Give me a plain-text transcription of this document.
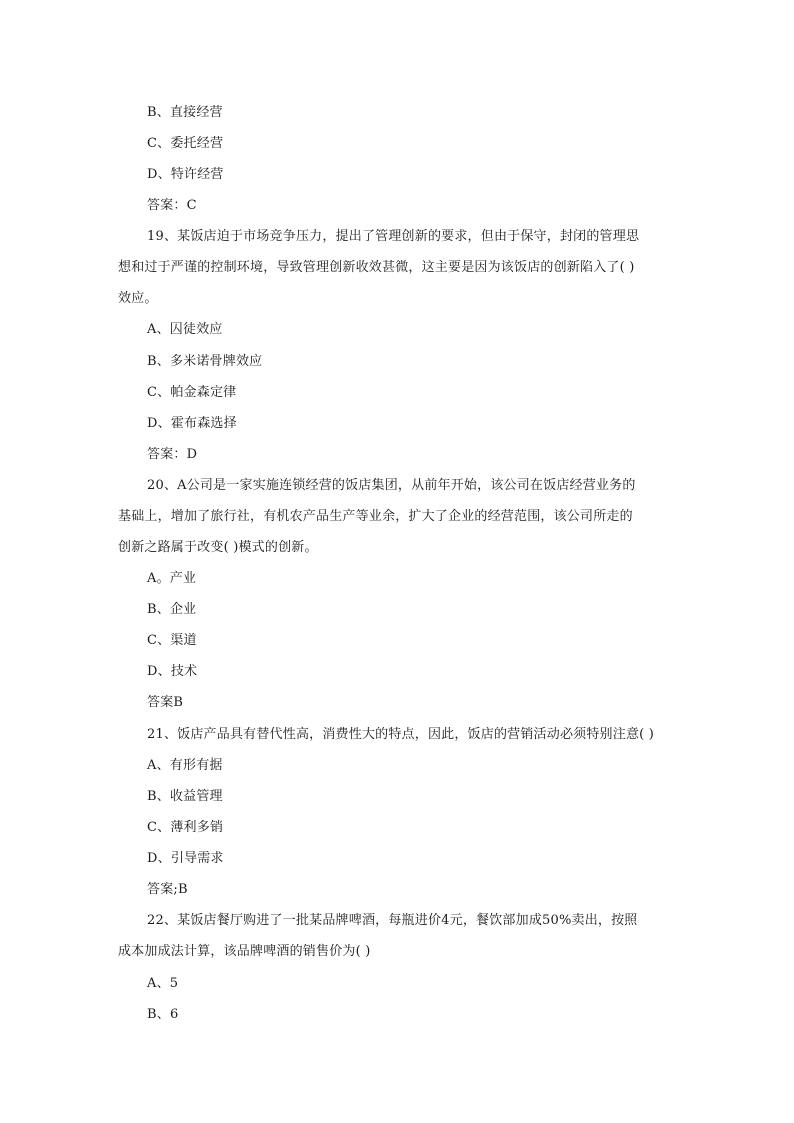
B、直接经营
C、委托经营
D、特许经营
答案：C
19、某饭店迫于市场竞争压力，提出了管理创新的要求，但由于保守，封闭的管理思
想和过于严谨的控制环境，导致管理创新收效甚微，这主要是因为该饭店的创新陷入了( )
效应。
A、囚徒效应
B、多米诺骨牌效应
C、帕金森定律
D、霍布森选择
答案：D
20、A公司是一家实施连锁经营的饭店集团，从前年开始，该公司在饭店经营业务的
基础上，增加了旅行社，有机农产品生产等业余，扩大了企业的经营范围，该公司所走的
创新之路属于改变( )模式的创新。
A。产业
B、企业
C、渠道
D、技术
答案B
21、饭店产品具有替代性高，消费性大的特点，因此，饭店的营销活动必须特别注意( )
A、有形有据
B、收益管理
C、薄利多销
D、引导需求
答案;B
22、某饭店餐厅购进了一批某品牌啤酒，每瓶进价4元，餐饮部加成50%卖出，按照
成本加成法计算，该品牌啤酒的销售价为( )
A、5
B、6
